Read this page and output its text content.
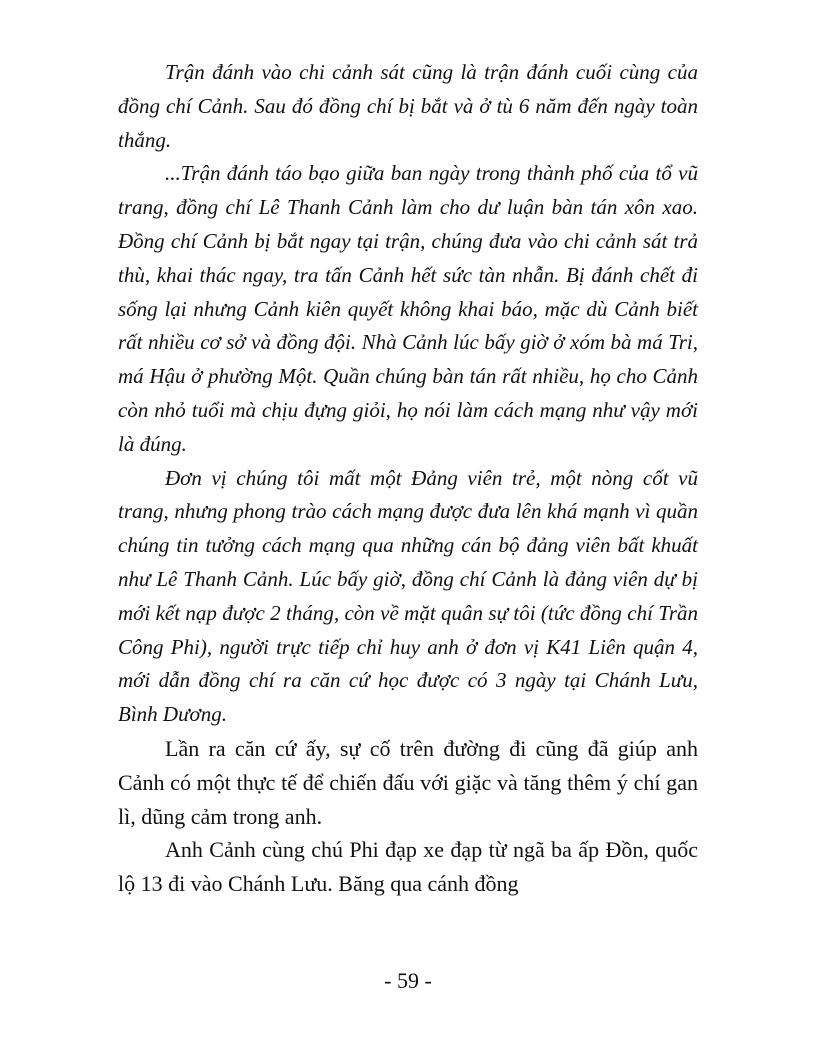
Trận đánh vào chi cảnh sát cũng là trận đánh cuối cùng của đồng chí Cảnh. Sau đó đồng chí bị bắt và ở tù 6 năm đến ngày toàn thắng.

...Trận đánh táo bạo giữa ban ngày trong thành phố của tổ vũ trang, đồng chí Lê Thanh Cảnh làm cho dư luận bàn tán xôn xao. Đồng chí Cảnh bị bắt ngay tại trận, chúng đưa vào chi cảnh sát trả thù, khai thác ngay, tra tấn Cảnh hết sức tàn nhẫn. Bị đánh chết đi sống lại nhưng Cảnh kiên quyết không khai báo, mặc dù Cảnh biết rất nhiều cơ sở và đồng đội. Nhà Cảnh lúc bấy giờ ở xóm bà má Tri, má Hậu ở phường Một. Quần chúng bàn tán rất nhiều, họ cho Cảnh còn nhỏ tuổi mà chịu đựng giỏi, họ nói làm cách mạng như vậy mới là đúng.

Đơn vị chúng tôi mất một Đảng viên trẻ, một nòng cốt vũ trang, nhưng phong trào cách mạng được đưa lên khá mạnh vì quần chúng tin tưởng cách mạng qua những cán bộ đảng viên bất khuất như Lê Thanh Cảnh. Lúc bấy giờ, đồng chí Cảnh là đảng viên dự bị mới kết nạp được 2 tháng, còn về mặt quân sự tôi (tức đồng chí Trần Công Phi), người trực tiếp chỉ huy anh ở đơn vị K41 Liên quận 4, mới dẫn đồng chí ra căn cứ học được có 3 ngày tại Chánh Lưu, Bình Dương.

Lần ra căn cứ ấy, sự cố trên đường đi cũng đã giúp anh Cảnh có một thực tế để chiến đấu với giặc và tăng thêm ý chí gan lì, dũng cảm trong anh.

Anh Cảnh cùng chú Phi đạp xe đạp từ ngã ba ấp Đồn, quốc lộ 13 đi vào Chánh Lưu. Băng qua cánh đồng

- 59 -
